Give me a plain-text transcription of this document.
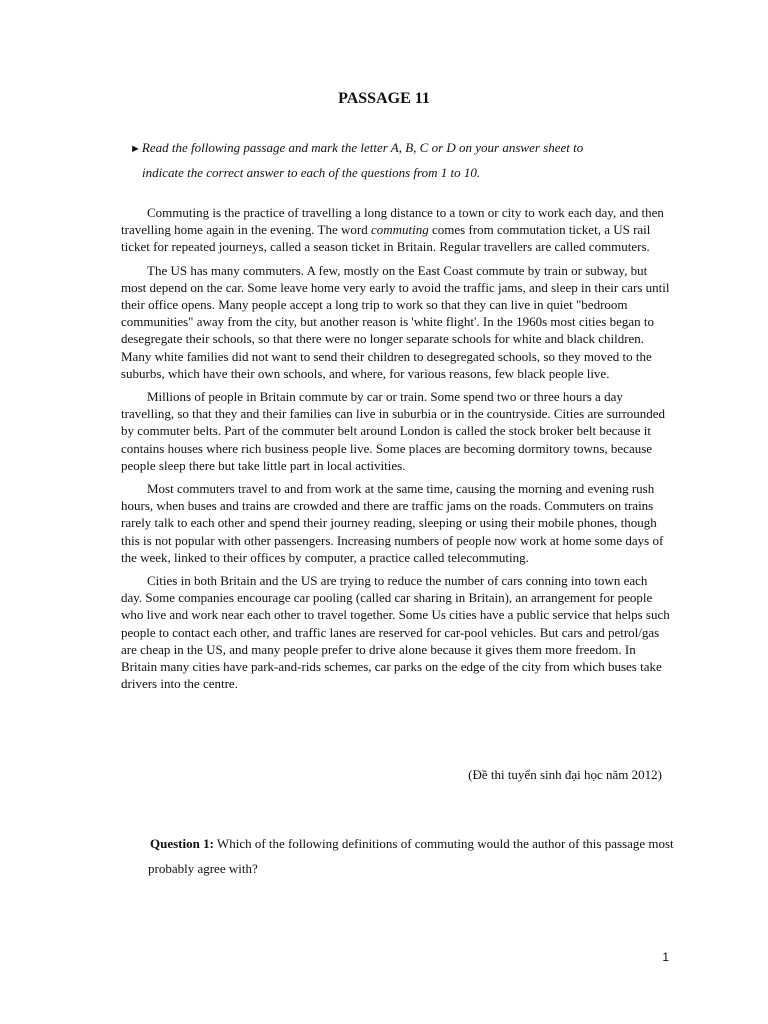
PASSAGE 11

►Read the following passage and mark the letter A, B, C or D on your answer sheet to
indicate the correct answer to each of the questions from 1 to 10.

Commuting is the practice of travelling a long distance to a town or city to work each day, and then travelling home again in the evening. The word commuting comes from commutation ticket, a US rail ticket for repeated journeys, called a season ticket in Britain. Regular travellers are called commuters.

The US has many commuters. A few, mostly on the East Coast commute by train or subway, but most depend on the car. Some leave home very early to avoid the traffic jams, and sleep in their cars until their office opens. Many people accept a long trip to work so that they can live in quiet "bedroom communities" away from the city, but another reason is 'white flight'. In the 1960s most cities began to desegregate their schools, so that there were no longer separate schools for white and black children. Many white families did not want to send their children to desegregated schools, so they moved to the suburbs, which have their own schools, and where, for various reasons, few black people live.

Millions of people in Britain commute by car or train. Some spend two or three hours a day travelling, so that they and their families can live in suburbia or in the countryside. Cities are surrounded by commuter belts. Part of the commuter belt around London is called the stock broker belt because it contains houses where rich business people live. Some places are becoming dormitory towns, because people sleep there but take little part in local activities.

Most commuters travel to and from work at the same time, causing the morning and evening rush hours, when buses and trains are crowded and there are traffic jams on the roads. Commuters on trains rarely talk to each other and spend their journey reading, sleeping or using their mobile phones, though this is not popular with other passengers. Increasing numbers of people now work at home some days of the week, linked to their offices by computer, a practice called telecommuting.

Cities in both Britain and the US are trying to reduce the number of cars conning into town each day. Some companies encourage car pooling (called car sharing in Britain), an arrangement for people who live and work near each other to travel together. Some Us cities have a public service that helps such people to contact each other, and traffic lanes are reserved for car-pool vehicles. But cars and petrol/gas are cheap in the US, and many people prefer to drive alone because it gives them more freedom. In Britain many cities have park-and-rids schemes, car parks on the edge of the city from which buses take drivers into the centre.

(Đề thi tuyển sinh đại học năm 2012)

Question 1: Which of the following definitions of commuting would the author of this passage most probably agree with?

1
